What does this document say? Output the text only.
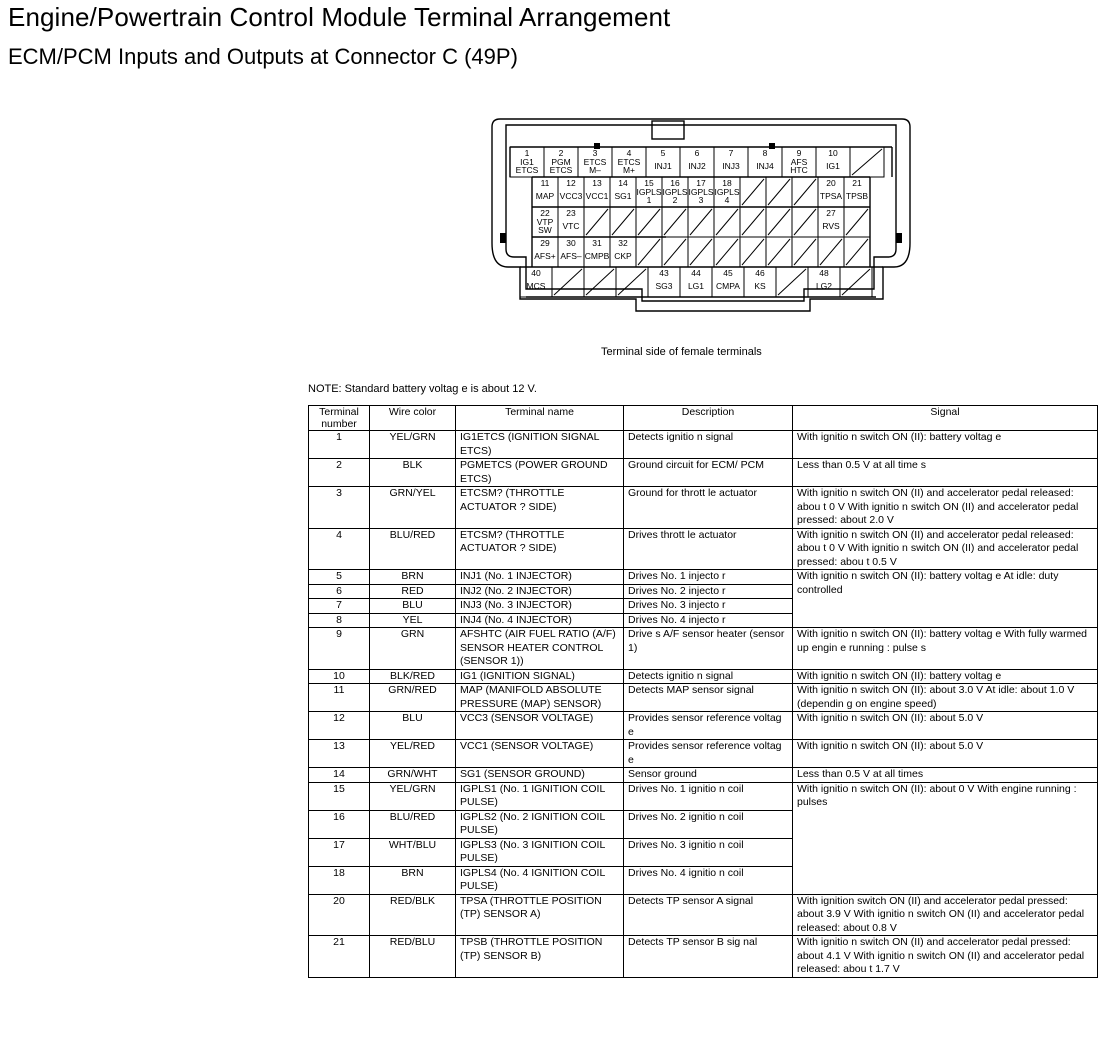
Engine/Powertrain Control Module Terminal Arrangement
ECM/PCM Inputs and Outputs at Connector C (49P)
1
IG1
ETCS
2
PGM
ETCS
3
ETCS
M–
4
ETCS
M+
5
INJ1
6
INJ2
7
INJ3
8
INJ4
9
AFS
HTC
10
IG1
11
MAP
12
VCC3
13
VCC1
14
SG1
15
IGPLS
1
16
IGPLS
2
17
IGPLS
3
18
IGPLS
4
20
TPSA
21
TPSB
22
VTP
SW
23
VTC
27
RVS
29
AFS+
30
AFS–
31
CMPB
32
CKP
40
MCS
43
SG3
44
LG1
45
CMPA
46
KS
48
LG2
Terminal side of female terminals
NOTE: Standard battery voltag e is about 12 V.
Terminal number	Wire color	Terminal name	Description	Signal
1	YEL/GRN	IG1ETCS (IGNITION SIGNAL ETCS)	Detects ignitio n signal	With ignitio n switch ON (II): battery voltag e
2	BLK	PGMETCS (POWER GROUND ETCS)	Ground circuit for ECM/ PCM	Less than 0.5 V at all time s
3	GRN/YEL	ETCSM? (THROTTLE ACTUATOR ? SIDE)	Ground for thrott le actuator	With ignitio n switch ON (II) and accelerator pedal released: abou t 0 V With ignitio n switch ON (II) and accelerator pedal pressed: about 2.0 V
4	BLU/RED	ETCSM? (THROTTLE ACTUATOR ? SIDE)	Drives thrott le actuator	With ignitio n switch ON (II) and accelerator pedal released: abou t 0 V With ignitio n switch ON (II) and accelerator pedal pressed: abou t 0.5 V
5	BRN	INJ1 (No. 1 INJECTOR)	Drives No. 1 injecto r	With ignitio n switch ON (II): battery voltag e At idle: duty controlled
6	RED	INJ2 (No. 2 INJECTOR)	Drives No. 2 injecto r	
7	BLU	INJ3 (No. 3 INJECTOR)	Drives No. 3 injecto r	
8	YEL	INJ4 (No. 4 INJECTOR)	Drives No. 4 injecto r	
9	GRN	AFSHTC (AIR FUEL RATIO (A/F) SENSOR HEATER CONTROL (SENSOR 1))	Drive s A/F sensor heater (sensor 1)	With ignitio n switch ON (II): battery voltag e With fully warmed up engin e running : pulse s
10	BLK/RED	IG1 (IGNITION SIGNAL)	Detects ignitio n signal	With ignitio n switch ON (II): battery voltag e
11	GRN/RED	MAP (MANIFOLD ABSOLUTE PRESSURE (MAP) SENSOR)	Detects MAP sensor signal	With ignitio n switch ON (II): about 3.0 V At idle: about 1.0 V (dependin g on engine speed)
12	BLU	VCC3 (SENSOR VOLTAGE)	Provides sensor reference voltag e	With ignitio n switch ON (II): about 5.0 V
13	YEL/RED	VCC1 (SENSOR VOLTAGE)	Provides sensor reference voltag e	With ignitio n switch ON (II): about 5.0 V
14	GRN/WHT	SG1 (SENSOR GROUND)	Sensor ground	Less than 0.5 V at all times
15	YEL/GRN	IGPLS1 (No. 1 IGNITION COIL PULSE)	Drives No. 1 ignitio n coil	With ignitio n switch ON (II): about 0 V With engine running : pulses
16	BLU/RED	IGPLS2 (No. 2 IGNITION COIL PULSE)	Drives No. 2 ignitio n coil	
17	WHT/BLU	IGPLS3 (No. 3 IGNITION COIL PULSE)	Drives No. 3 ignitio n coil	
18	BRN	IGPLS4 (No. 4 IGNITION COIL PULSE)	Drives No. 4 ignitio n coil	
20	RED/BLK	TPSA (THROTTLE POSITION (TP) SENSOR A)	Detects TP sensor A signal	With ignition switch ON (II) and accelerator pedal pressed: about 3.9 V With ignitio n switch ON (II) and accelerator pedal released: about 0.8 V
21	RED/BLU	TPSB (THROTTLE POSITION (TP) SENSOR B)	Detects TP sensor B sig nal	With ignitio n switch ON (II) and accelerator pedal pressed: about 4.1 V With ignitio n switch ON (II) and accelerator pedal released: abou t 1.7 V
